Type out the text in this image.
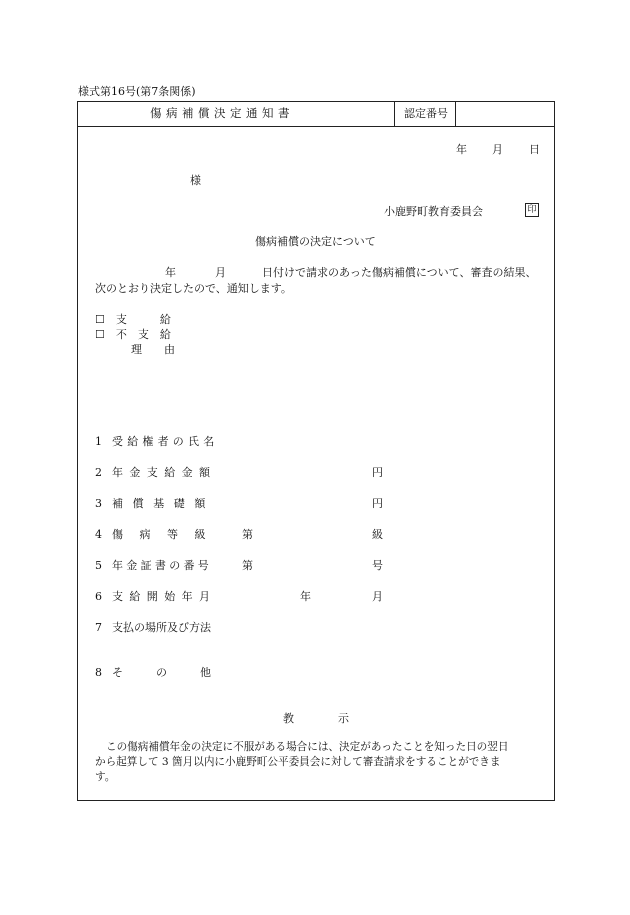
様式第16号(第7条関係)
傷病補償決定通知書	認定番号
年 月 日
様
小鹿野町教育委員会	印
傷病補償の決定について
年	月	日付けで請求のあった傷病補償について、審査の結果、
次のとおり決定したので、通知します。
☐　支　　　給
☐　不　支　給
理　　由
1 受給権者の氏名
2 年金支給金額	円
3 補償基礎額	円
4 傷病等級 第	級
5 年金証書の番号	第	号
6 支給開始年月	年	月
7 支払の場所及び方法
8 そ　　　の　　　他
教　　　　示
この傷病補償年金の決定に不服がある場合には、決定があったことを知った日の翌日
から起算して 3 箇月以内に小鹿野町公平委員会に対して審査請求をすることができま
す。
